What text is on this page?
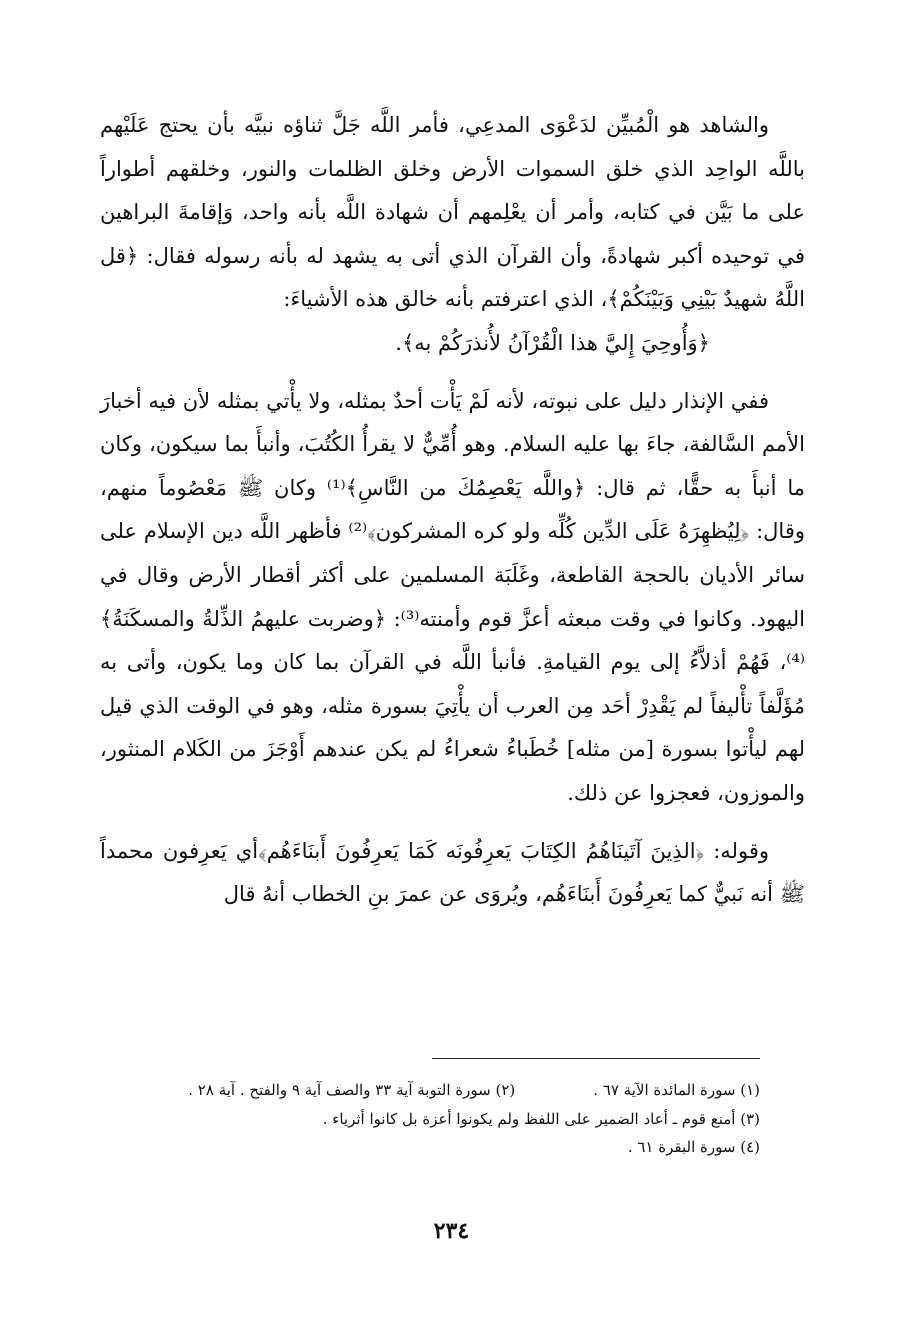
والشاهد هو الْمُبيِّن لدَعْوَى المدعِي، فأمر اللَّه جَلَّ ثناؤه نبيَّه بأن يحتج عَلَيْهم باللَّه الواحِد الذي خلق السموات الأرض وخلق الظلمات والنور، وخلقهم أطواراً على ما بَيَّن في كتابه، وأمر أن يعْلِمهم أن شهادة اللَّه بأنه واحد، وَإقامةَ البراهين في توحيده أكبر شهادةً، وأن القرآن الذي أتى به يشهد له بأنه رسوله فقال: ﴿قل اللَّهُ شهيدٌ بَيْنِي وَبَيْنَكُمْ﴾، الذي اعترفتم بأنه خالق هذه الأشياءَ:

﴿وَأُوحِيَ إِليَّ هذا الْقُرْآنُ لأُنذرَكُمْ به﴾.

ففي الإنذار دليل على نبوته، لأنه لَمْ يَأْت أحدٌ بمثله، ولا يأْتي بمثله لأن فيه أخبارَ الأمم السَّالفة، جاءَ بها عليه السلام. وهو أُمِّيٌّ لا يقرأُ الكُتُبَ، وأنبأَ بما سيكون، وكان ما أنبأَ به حقًّا، ثم قال: ﴿واللَّه يَعْصِمُكَ من النَّاسِ﴾⁽¹⁾ وكان ﷺ مَعْصُوماً منهم، وقال: ﴿لِيُظهِرَهُ عَلَى الدِّين كُلِّه ولو كره المشركون﴾⁽²⁾ فأظهر اللَّه دين الإسلام على سائر الأديان بالحجة القاطعة، وغَلَبَة المسلمين على أكثر أقطار الأرض وقال في اليهود. وكانوا في وقت مبعثه أعزَّ قوم وأمنته⁽³⁾: ﴿وضربت عليهمُ الذِّلةُ والمسكَنَةُ﴾⁽⁴⁾، فَهُمْ أذلاَّءُ إلى يوم القيامةِ. فأنبأ اللَّه في القرآن بما كان وما يكون، وأتى به مُؤَلَّفاً تأْليفاً لم يَقْدِرْ أحَد مِن العرب أن يأْتِيَ بسورة مثله، وهو في الوقت الذي قيل لهم ليأْتوا بسورة [من مثله] خُطَباءُ شعراءُ لم يكن عندهم أَوْجَزَ من الكَلام المنثور، والموزون، فعجزوا عن ذلك.

وقوله: ﴿الذِينَ آتَينَاهُمُ الكِتَابَ يَعرِفُونَه كَمَا يَعرِفُونَ أَبنَاءَهُم﴾أي يَعرِفون محمداً ﷺ أنه نَبيٌّ كما يَعرِفُونَ أَبنَاءَهُم، ويُروَى عن عمرَ بنِ الخطاب أنهُ قال

(١) سورة المائدة الآية ٦٧ .
(٢) سورة التوبة آية ٣٣ والصف آية ٩ والفتح . آية ٢٨ .
(٣) أمنع قوم ـ أعاد الضمير على اللفظ ولم يكونوا أعزة بل كانوا أثرياء .
(٤) سورة البقرة ٦١ .
٢٣٤
